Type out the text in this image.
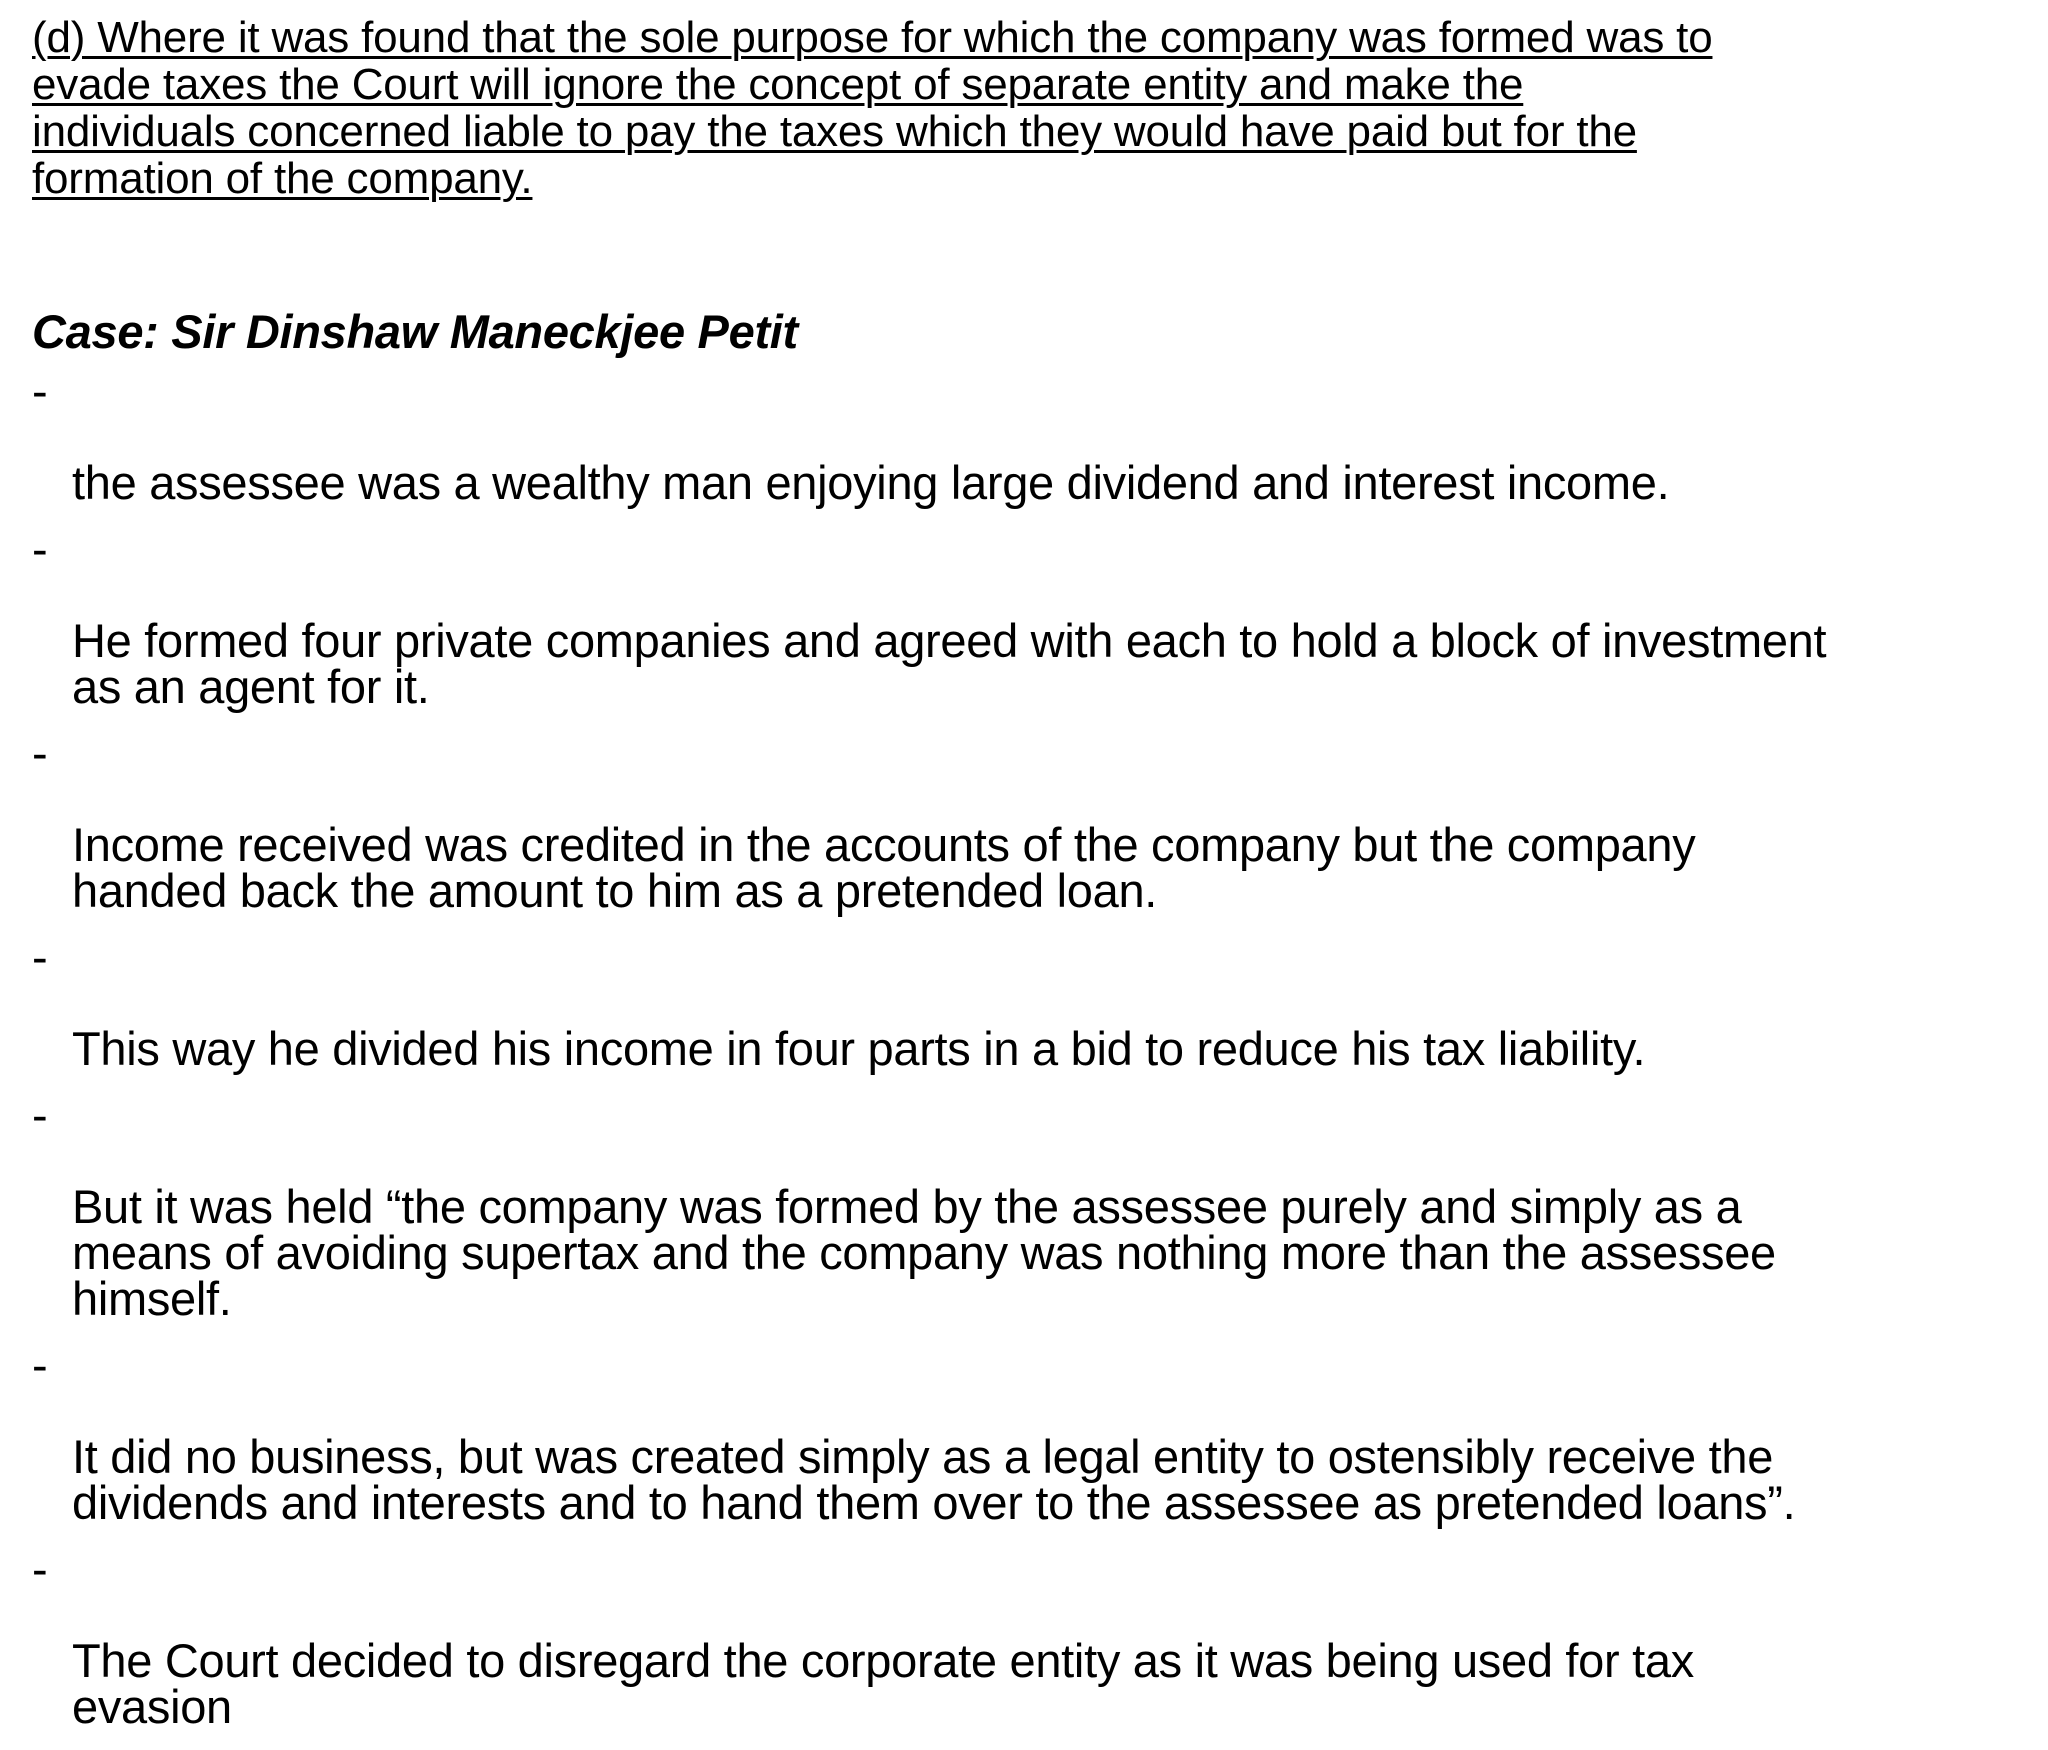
(d) Where it was found that the sole purpose for which the company was formed was to
evade taxes the Court will ignore the concept of separate entity and make the
individuals concerned liable to pay the taxes which they would have paid but for the
formation of the company.

Case: Sir Dinshaw Maneckjee Petit

-

the assessee was a wealthy man enjoying large dividend and interest income.

-

He formed four private companies and agreed with each to hold a block of investment
as an agent for it.

-

Income received was credited in the accounts of the company but the company
handed back the amount to him as a pretended loan.

-

This way he divided his income in four parts in a bid to reduce his tax liability.

-

But it was held “the company was formed by the assessee purely and simply as a
means of avoiding supertax and the company was nothing more than the assessee
himself.

-

It did no business, but was created simply as a legal entity to ostensibly receive the
dividends and interests and to hand them over to the assessee as pretended loans”.

-

The Court decided to disregard the corporate entity as it was being used for tax
evasion
